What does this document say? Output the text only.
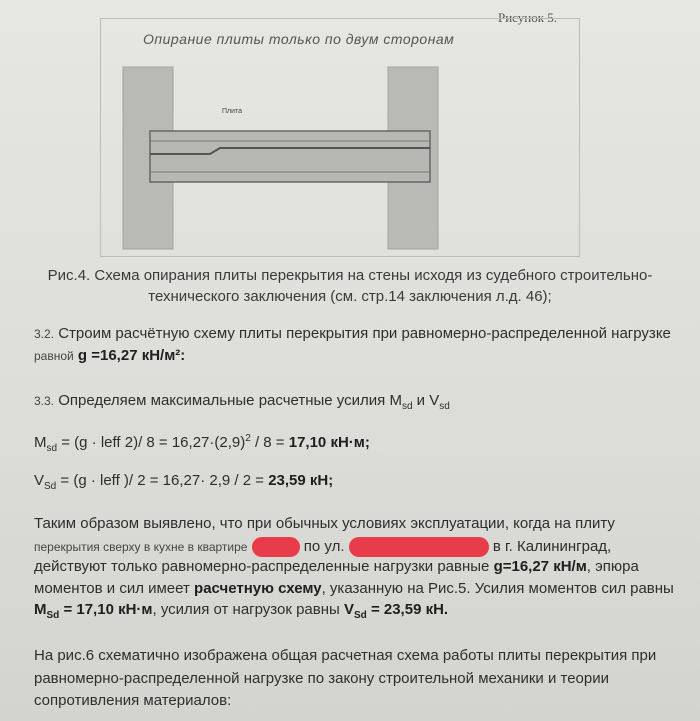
Рисунок 5.
Плита
Опирание плиты только по двум сторонам
Рис.4. Схема опирания плиты перекрытия на стены исходя из судебного строительно-
технического заключения (см. стр.14 заключения л.д. 46);
3.2. Строим расчётную схему плиты перекрытия при равномерно-распределенной нагрузке
равной g =16,27 кН/м²:
3.3. Определяем максимальные расчетные усилия $M_{sd}$ и $V_{sd}$
$M_{sd} = (g$ · leff 2)/ $8 = 16,27\cdot(2,9)^2 / 8 = 17,10$ кН·м;
$V_{Sd} = (g$ · leff )/ 2 = 16,27· 2,9 / 2 = 23,59 кН;
Таким образом выявлено, что при обычных условиях эксплуатации, когда на плиту
перекрытия сверху в кухне в квартире	по ул.	в г. Калининград,
действуют только равномерно-распределенные нагрузки равные g=16,27 кН/м, эпюра
моментов и сил имеет расчетную схему, указанную на Рис.5. Усилия моментов сил равны
$M_{Sd} = 17,10$ кН·м, усилия от нагрузок равны $V_{Sd} = 23,59$ кН.
На рис.6 схематично изображена общая расчетная схема работы плиты перекрытия при
равномерно-распределенной нагрузке по закону строительной механики и теории
сопротивления материалов:
